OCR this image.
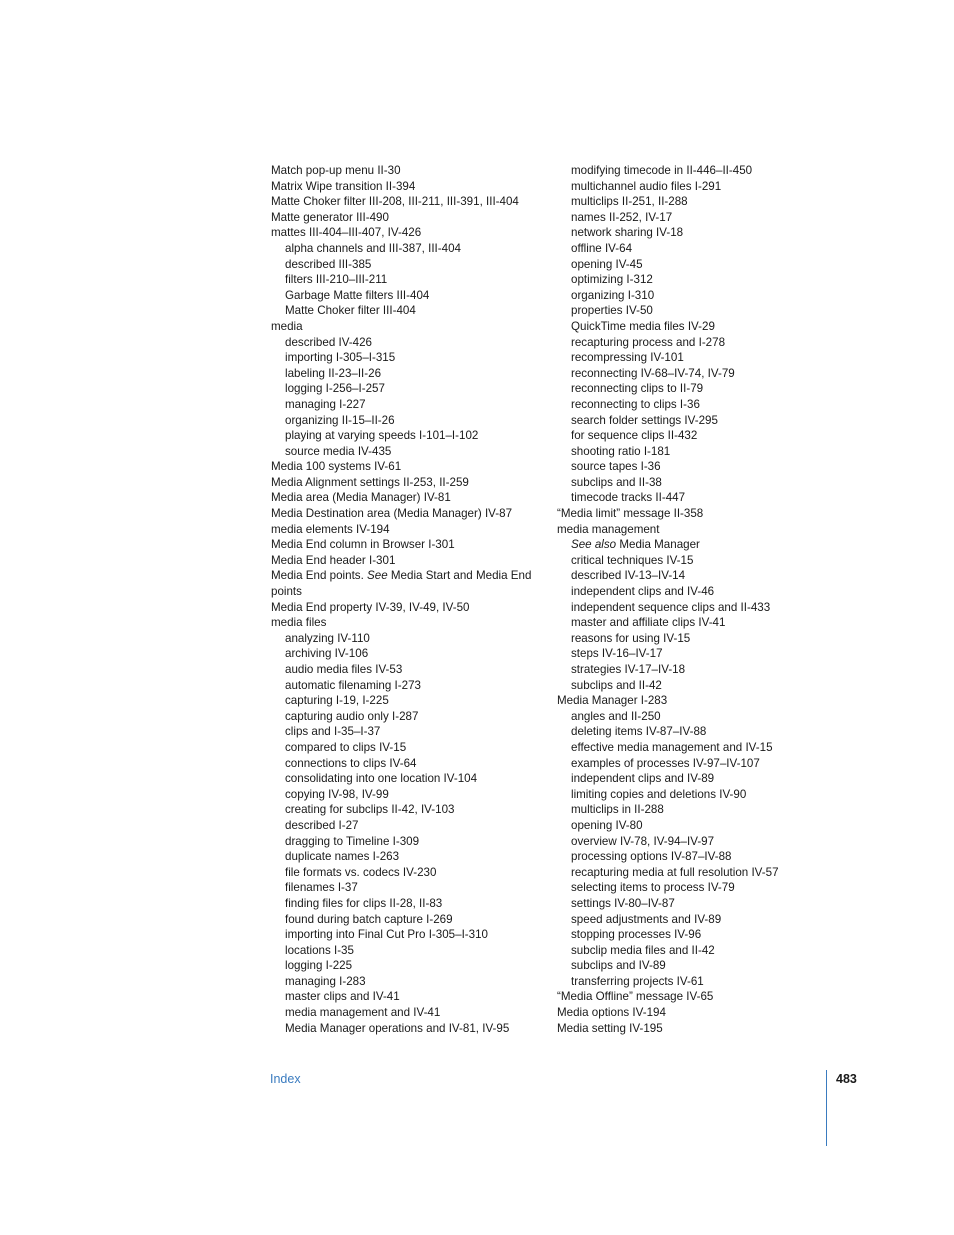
Match pop-up menu II-30
Matrix Wipe transition II-394
Matte Choker filter III-208, III-211, III-391, III-404
Matte generator III-490
mattes III-404–III-407, IV-426
alpha channels and III-387, III-404
described III-385
filters III-210–III-211
Garbage Matte filters III-404
Matte Choker filter III-404
media
described IV-426
importing I-305–I-315
labeling II-23–II-26
logging I-256–I-257
managing I-227
organizing II-15–II-26
playing at varying speeds I-101–I-102
source media IV-435
Media 100 systems IV-61
Media Alignment settings II-253, II-259
Media area (Media Manager) IV-81
Media Destination area (Media Manager) IV-87
media elements IV-194
Media End column in Browser I-301
Media End header I-301
Media End points. See Media Start and Media End points
Media End property IV-39, IV-49, IV-50
media files
analyzing IV-110
archiving IV-106
audio media files IV-53
automatic filenaming I-273
capturing I-19, I-225
capturing audio only I-287
clips and I-35–I-37
compared to clips IV-15
connections to clips IV-64
consolidating into one location IV-104
copying IV-98, IV-99
creating for subclips II-42, IV-103
described I-27
dragging to Timeline I-309
duplicate names I-263
file formats vs. codecs IV-230
filenames I-37
finding files for clips II-28, II-83
found during batch capture I-269
importing into Final Cut Pro I-305–I-310
locations I-35
logging I-225
managing I-283
master clips and IV-41
media management and IV-41
Media Manager operations and IV-81, IV-95
modifying timecode in II-446–II-450
multichannel audio files I-291
multiclips II-251, II-288
names II-252, IV-17
network sharing IV-18
offline IV-64
opening IV-45
optimizing I-312
organizing I-310
properties IV-50
QuickTime media files IV-29
recapturing process and I-278
recompressing IV-101
reconnecting IV-68–IV-74, IV-79
reconnecting clips to II-79
reconnecting to clips I-36
search folder settings IV-295
for sequence clips II-432
shooting ratio I-181
source tapes I-36
subclips and II-38
timecode tracks II-447
“Media limit” message II-358
media management
See also Media Manager
critical techniques IV-15
described IV-13–IV-14
independent clips and IV-46
independent sequence clips and II-433
master and affiliate clips IV-41
reasons for using IV-15
steps IV-16–IV-17
strategies IV-17–IV-18
subclips and II-42
Media Manager I-283
angles and II-250
deleting items IV-87–IV-88
effective media management and IV-15
examples of processes IV-97–IV-107
independent clips and IV-89
limiting copies and deletions IV-90
multiclips in II-288
opening IV-80
overview IV-78, IV-94–IV-97
processing options IV-87–IV-88
recapturing media at full resolution IV-57
selecting items to process IV-79
settings IV-80–IV-87
speed adjustments and IV-89
stopping processes IV-96
subclip media files and II-42
subclips and IV-89
transferring projects IV-61
“Media Offline” message IV-65
Media options IV-194
Media setting IV-195
Index	483
